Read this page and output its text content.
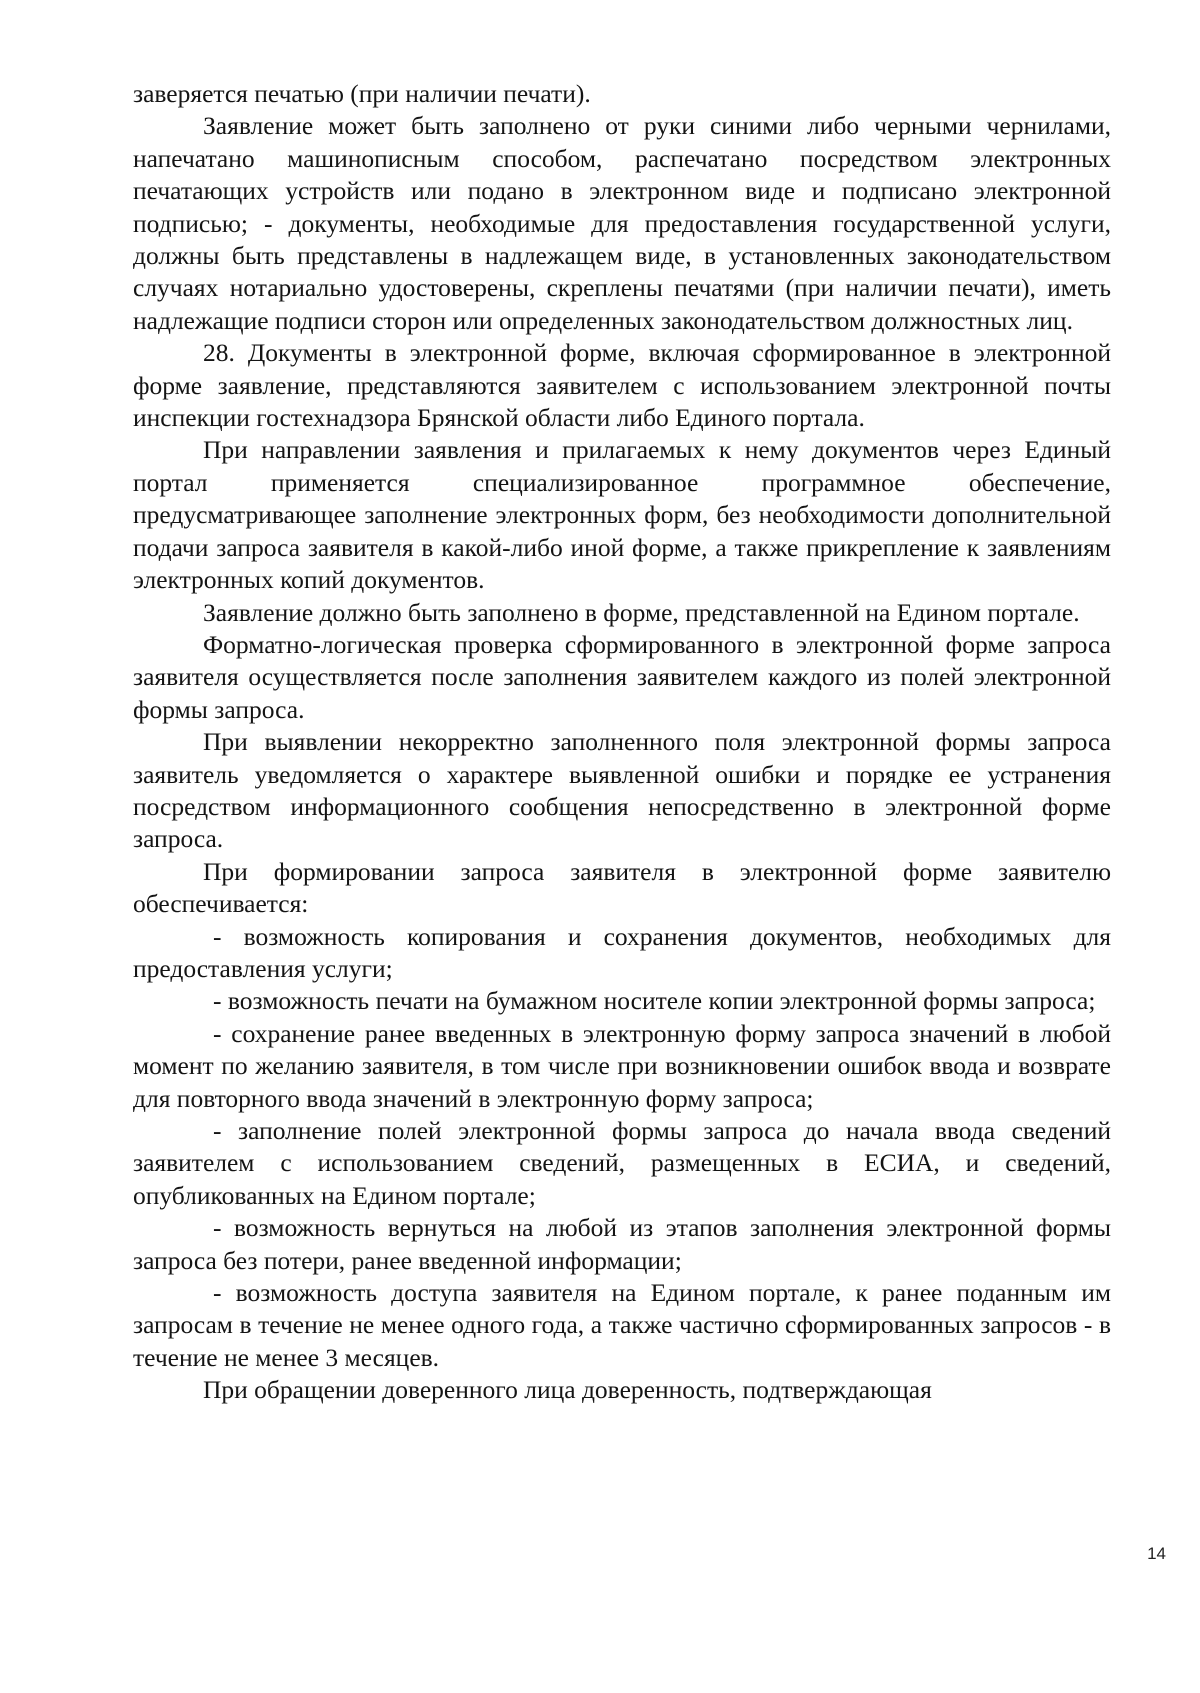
заверяется печатью (при наличии печати).

Заявление может быть заполнено от руки синими либо черными чернилами, напечатано машинописным способом, распечатано посредством электронных печатающих устройств или подано в электронном виде и подписано электронной подписью; - документы, необходимые для предоставления государственной услуги, должны быть представлены в надлежащем виде, в установленных законодательством случаях нотариально удостоверены, скреплены печатями (при наличии печати), иметь надлежащие подписи сторон или определенных законодательством должностных лиц.

28. Документы в электронной форме, включая сформированное в электронной форме заявление, представляются заявителем с использованием электронной почты инспекции гостехнадзора Брянской области либо Единого портала.

При направлении заявления и прилагаемых к нему документов через Единый портал применяется специализированное программное обеспечение, предусматривающее заполнение электронных форм, без необходимости дополнительной подачи запроса заявителя в какой-либо иной форме, а также прикрепление к заявлениям электронных копий документов.

Заявление должно быть заполнено в форме, представленной на Едином портале.

Форматно-логическая проверка сформированного в электронной форме запроса заявителя осуществляется после заполнения заявителем каждого из полей электронной формы запроса.

При выявлении некорректно заполненного поля электронной формы запроса заявитель уведомляется о характере выявленной ошибки и порядке ее устранения посредством информационного сообщения непосредственно в электронной форме запроса.

При формировании запроса заявителя в электронной форме заявителю обеспечивается:

- возможность копирования и сохранения документов, необходимых для предоставления услуги;

- возможность печати на бумажном носителе копии электронной формы запроса;

- сохранение ранее введенных в электронную форму запроса значений в любой момент по желанию заявителя, в том числе при возникновении ошибок ввода и возврате для повторного ввода значений в электронную форму запроса;

- заполнение полей электронной формы запроса до начала ввода сведений заявителем с использованием сведений, размещенных в ЕСИА, и сведений, опубликованных на Едином портале;

- возможность вернуться на любой из этапов заполнения электронной формы запроса без потери, ранее введенной информации;

- возможность доступа заявителя на Едином портале, к ранее поданным им запросам в течение не менее одного года, а также частично сформированных запросов - в течение не менее 3 месяцев.

При обращении доверенного лица доверенность, подтверждающая

14
